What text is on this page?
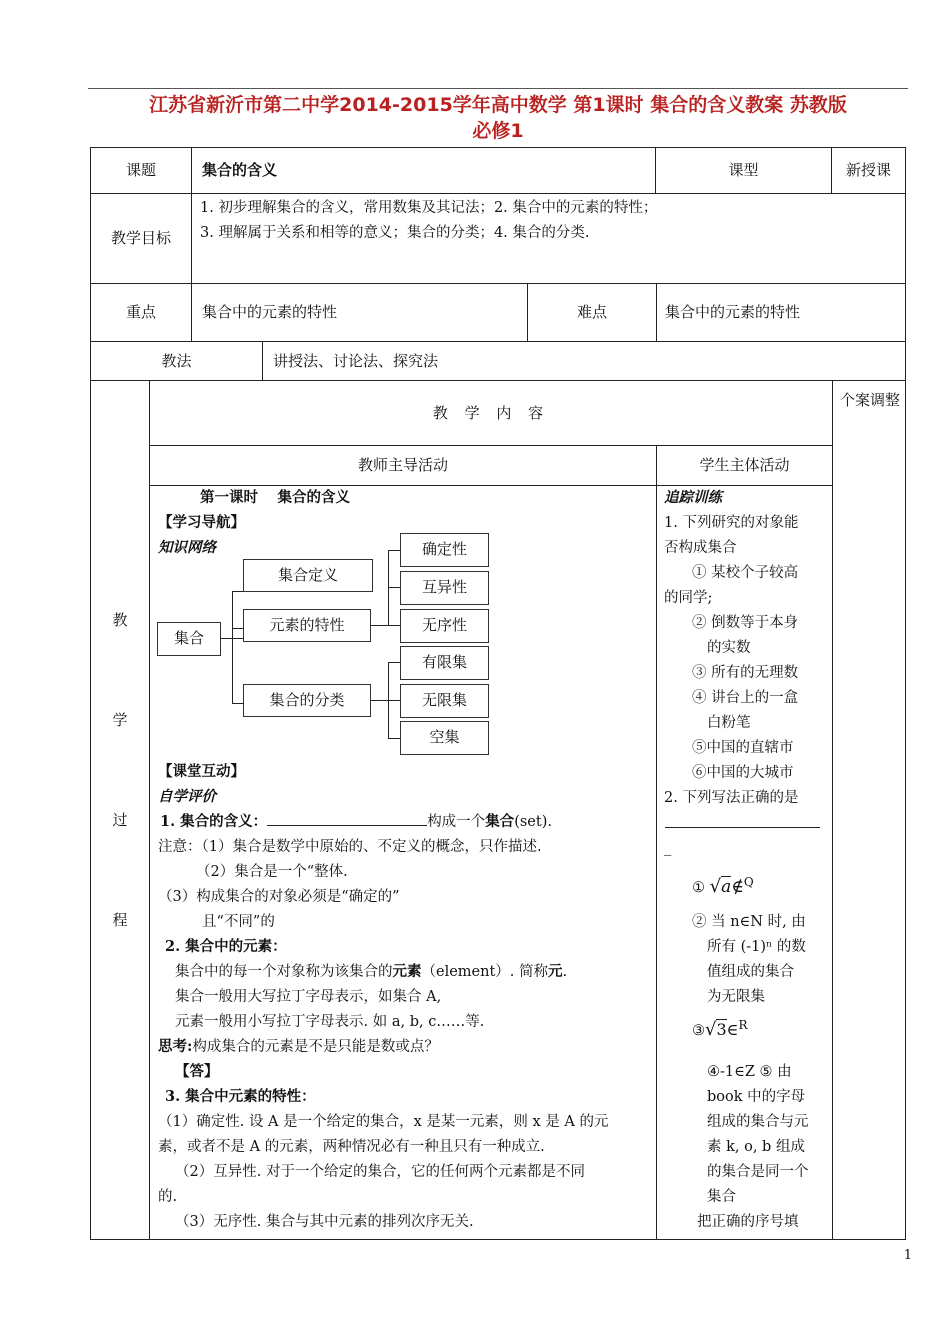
江苏省新沂市第二中学2014-2015学年高中数学 第1课时 集合的含义教案 苏教版
必修1
课题	集合的含义	课型	新授课
教学目标
1. 初步理解集合的含义，常用数集及其记法；2. 集合中的元素的特性；
3. 理解属于关系和相等的意义；集合的分类；4. 集合的分类.
重点	集合中的元素的特性	难点	集合中的元素的特性
教法	讲授法、讨论法、探究法
教
学
过
程
教 学 内 容
个案调整
教师主导活动	学生主体活动
第一课时　 集合的含义
【学习导航】
知识网络
集合
集合定义
元素的特性
集合的分类
确定性
互异性
无序性
有限集
无限集
空集
【课堂互动】
自学评价
1. 集合的含义：	构成一个集合(set).
注意：（1）集合是数学中原始的、不定义的概念，只作描述.
（2）集合是一个“整体.
（3）构成集合的对象必须是“确定的”
且“不同”的
2. 集合中的元素：
集合中的每一个对象称为该集合的元素（element）. 简称元.
集合一般用大写拉丁字母表示，如集合 A,
元素一般用小写拉丁字母表示. 如 a, b, c……等.
思考:构成集合的元素是不是只能是数或点？
【答】
3. 集合中元素的特性：
（1）确定性. 设 A 是一个给定的集合，x 是某一元素，则 x 是 A 的元
素，或者不是 A 的元素，两种情况必有一种且只有一种成立.
（2）互异性. 对于一个给定的集合，它的任何两个元素都是不同
的.
（3）无序性. 集合与其中元素的排列次序无关.
追踪训练
1. 下列研究的对象能
否构成集合
① 某校个子较高
的同学;
② 倒数等于本身
的实数
③ 所有的无理数
④ 讲台上的一盒
白粉笔
⑤中国的直辖市
⑥中国的大城市
2. 下列写法正确的是
_
① √a∉$^Q$
② 当 n∈N 时, 由
所有 (-1)ⁿ 的数
值组成的集合
为无限集
③√3∈$^R$
④-1∈Z ⑤ 由
book 中的字母
组成的集合与元
素 k, o, b 组成
的集合是同一个
集合
把正确的序号填
1
